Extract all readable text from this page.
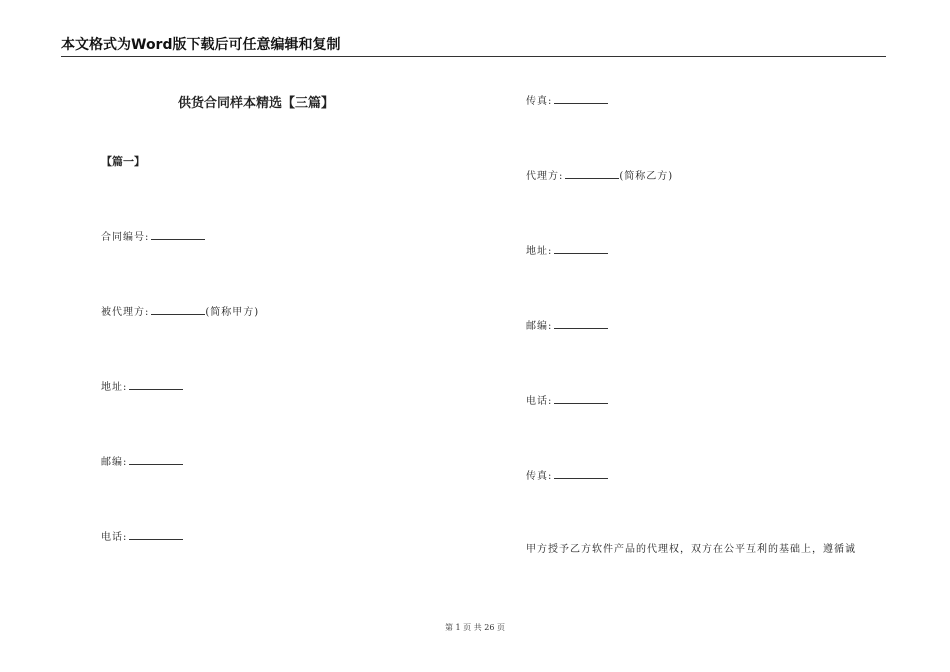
本文格式为Word版下载后可任意编辑和复制
供货合同样本精选【三篇】
【篇一】
合同编号:
被代理方:	(简称甲方)
地址:
邮编:
电话:
传真:
代理方:	(简称乙方)
地址:
邮编:
电话:
传真:
甲方授予乙方软件产品的代理权，双方在公平互利的基础上，遵循诚
第 1 页 共 26 页
